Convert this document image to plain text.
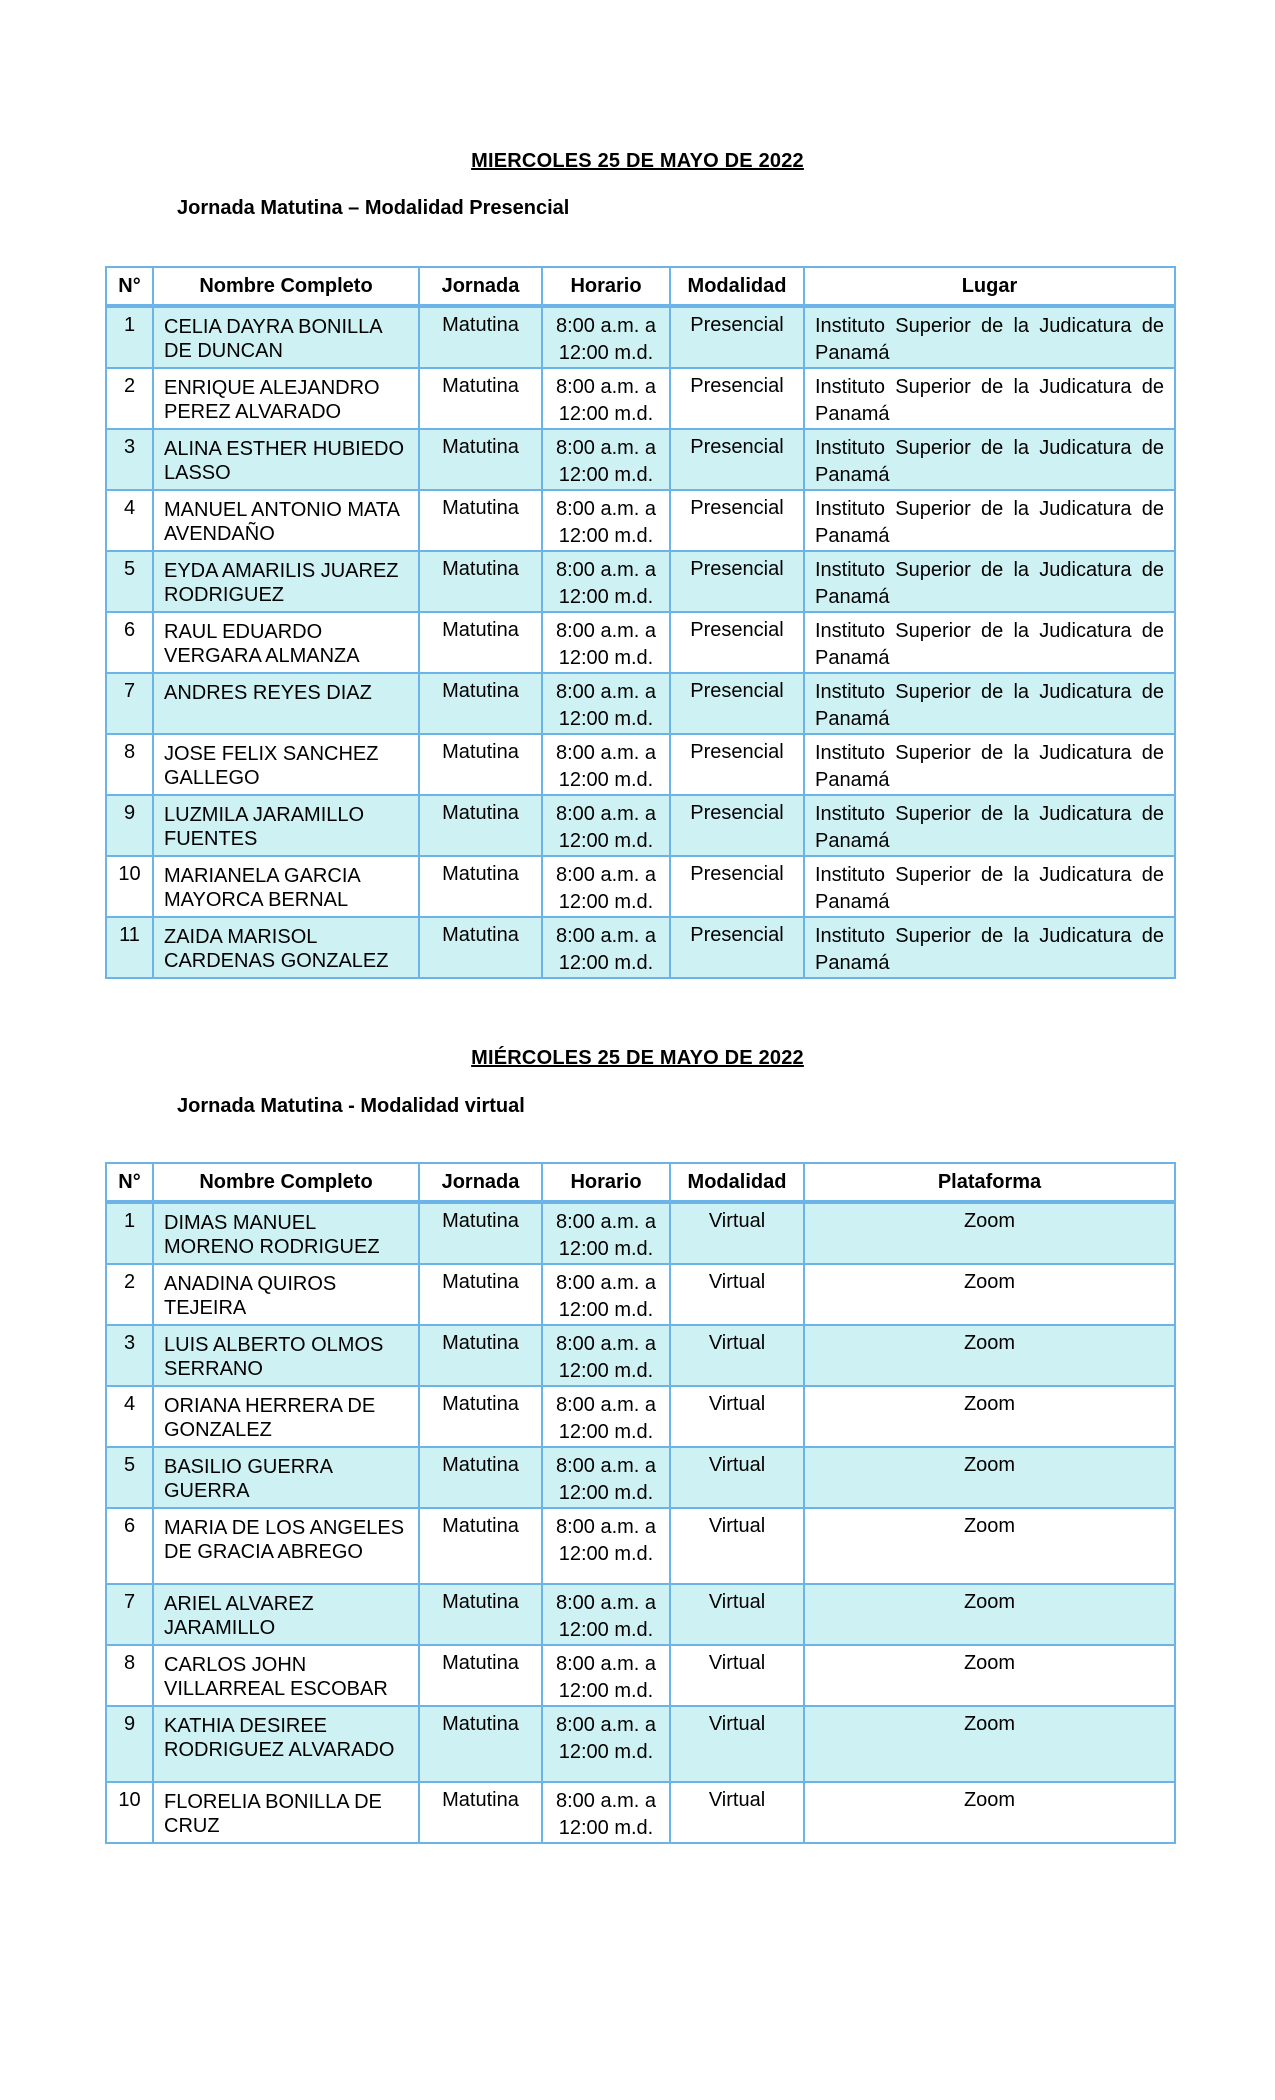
MIERCOLES 25 DE MAYO DE 2022
Jornada Matutina – Modalidad Presencial
N°	Nombre Completo	Jornada	Horario	Modalidad	Lugar
1	CELIA DAYRA BONILLA DE DUNCAN	Matutina	8:00 a.m. a 12:00 m.d.	Presencial	Instituto Superior de la Judicatura de Panamá
2	ENRIQUE ALEJANDRO PEREZ ALVARADO	Matutina	8:00 a.m. a 12:00 m.d.	Presencial	Instituto Superior de la Judicatura de Panamá
3	ALINA ESTHER HUBIEDO LASSO	Matutina	8:00 a.m. a 12:00 m.d.	Presencial	Instituto Superior de la Judicatura de Panamá
4	MANUEL ANTONIO MATA AVENDAÑO	Matutina	8:00 a.m. a 12:00 m.d.	Presencial	Instituto Superior de la Judicatura de Panamá
5	EYDA AMARILIS JUAREZ RODRIGUEZ	Matutina	8:00 a.m. a 12:00 m.d.	Presencial	Instituto Superior de la Judicatura de Panamá
6	RAUL EDUARDO VERGARA ALMANZA	Matutina	8:00 a.m. a 12:00 m.d.	Presencial	Instituto Superior de la Judicatura de Panamá
7	ANDRES REYES DIAZ	Matutina	8:00 a.m. a 12:00 m.d.	Presencial	Instituto Superior de la Judicatura de Panamá
8	JOSE FELIX SANCHEZ GALLEGO	Matutina	8:00 a.m. a 12:00 m.d.	Presencial	Instituto Superior de la Judicatura de Panamá
9	LUZMILA JARAMILLO FUENTES	Matutina	8:00 a.m. a 12:00 m.d.	Presencial	Instituto Superior de la Judicatura de Panamá
10	MARIANELA GARCIA MAYORCA BERNAL	Matutina	8:00 a.m. a 12:00 m.d.	Presencial	Instituto Superior de la Judicatura de Panamá
11	ZAIDA MARISOL CARDENAS GONZALEZ	Matutina	8:00 a.m. a 12:00 m.d.	Presencial	Instituto Superior de la Judicatura de Panamá
MIÉRCOLES 25 DE MAYO DE 2022
Jornada Matutina - Modalidad virtual
N°	Nombre Completo	Jornada	Horario	Modalidad	Plataforma
1	DIMAS MANUEL MORENO RODRIGUEZ	Matutina	8:00 a.m. a 12:00 m.d.	Virtual	Zoom
2	ANADINA QUIROS TEJEIRA	Matutina	8:00 a.m. a 12:00 m.d.	Virtual	Zoom
3	LUIS ALBERTO OLMOS SERRANO	Matutina	8:00 a.m. a 12:00 m.d.	Virtual	Zoom
4	ORIANA HERRERA DE GONZALEZ	Matutina	8:00 a.m. a 12:00 m.d.	Virtual	Zoom
5	BASILIO GUERRA GUERRA	Matutina	8:00 a.m. a 12:00 m.d.	Virtual	Zoom
6	MARIA DE LOS ANGELES DE GRACIA ABREGO	Matutina	8:00 a.m. a 12:00 m.d.	Virtual	Zoom
7	ARIEL ALVAREZ JARAMILLO	Matutina	8:00 a.m. a 12:00 m.d.	Virtual	Zoom
8	CARLOS JOHN VILLARREAL ESCOBAR	Matutina	8:00 a.m. a 12:00 m.d.	Virtual	Zoom
9	KATHIA DESIREE RODRIGUEZ ALVARADO	Matutina	8:00 a.m. a 12:00 m.d.	Virtual	Zoom
10	FLORELIA BONILLA DE CRUZ	Matutina	8:00 a.m. a 12:00 m.d.	Virtual	Zoom
